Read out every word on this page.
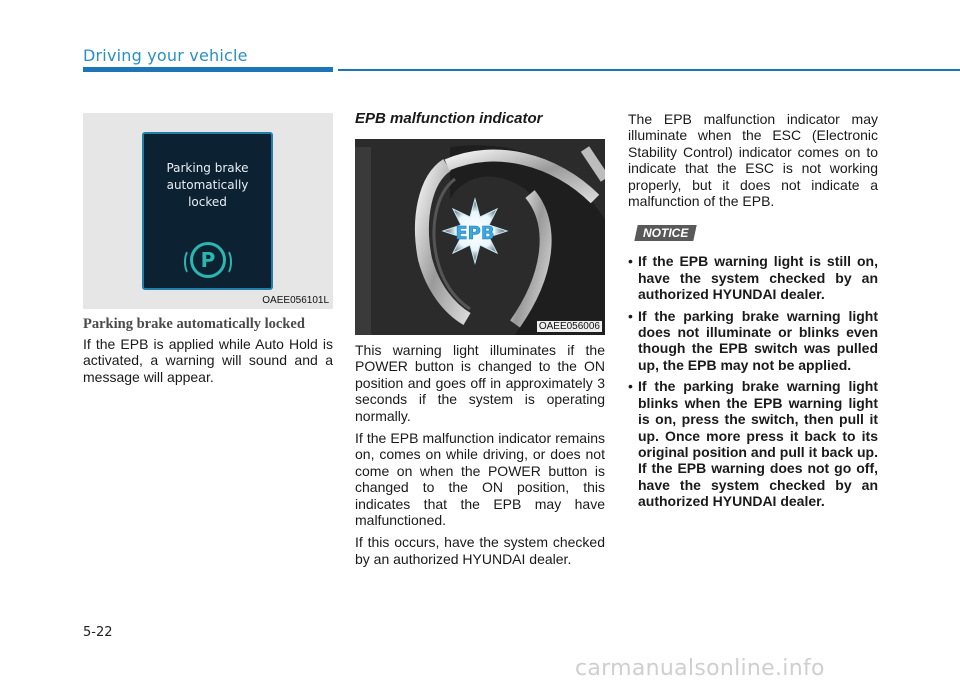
Driving your vehicle
Parking brake
automatically
locked
P
OAEE056101L
Parking brake automatically locked

If the EPB is applied while Auto Hold is activated, a warning will sound and a message will appear.

EPB malfunction indicator
EPB
OAEE056006

This warning light illuminates if the POWER button is changed to the ON position and goes off in approximately 3 seconds if the system is operating normally.

If the EPB malfunction indicator remains on, comes on while driving, or does not come on when the POWER button is changed to the ON position, this indicates that the EPB may have malfunctioned.

If this occurs, have the system checked by an authorized HYUNDAI dealer.

The EPB malfunction indicator may illuminate when the ESC (Electronic Stability Control) indicator comes on to indicate that the ESC is not working properly, but it does not indicate a malfunction of the EPB.

NOTICE
• If the EPB warning light is still on, have the system checked by an authorized HYUNDAI dealer.
• If the parking brake warning light does not illuminate or blinks even though the EPB switch was pulled up, the EPB may not be applied.
• If the parking brake warning light blinks when the EPB warning light is on, press the switch, then pull it up. Once more press it back to its original position and pull it back up. If the EPB warning does not go off, have the system checked by an authorized HYUNDAI dealer.
5-22
carmanualsonline.info
